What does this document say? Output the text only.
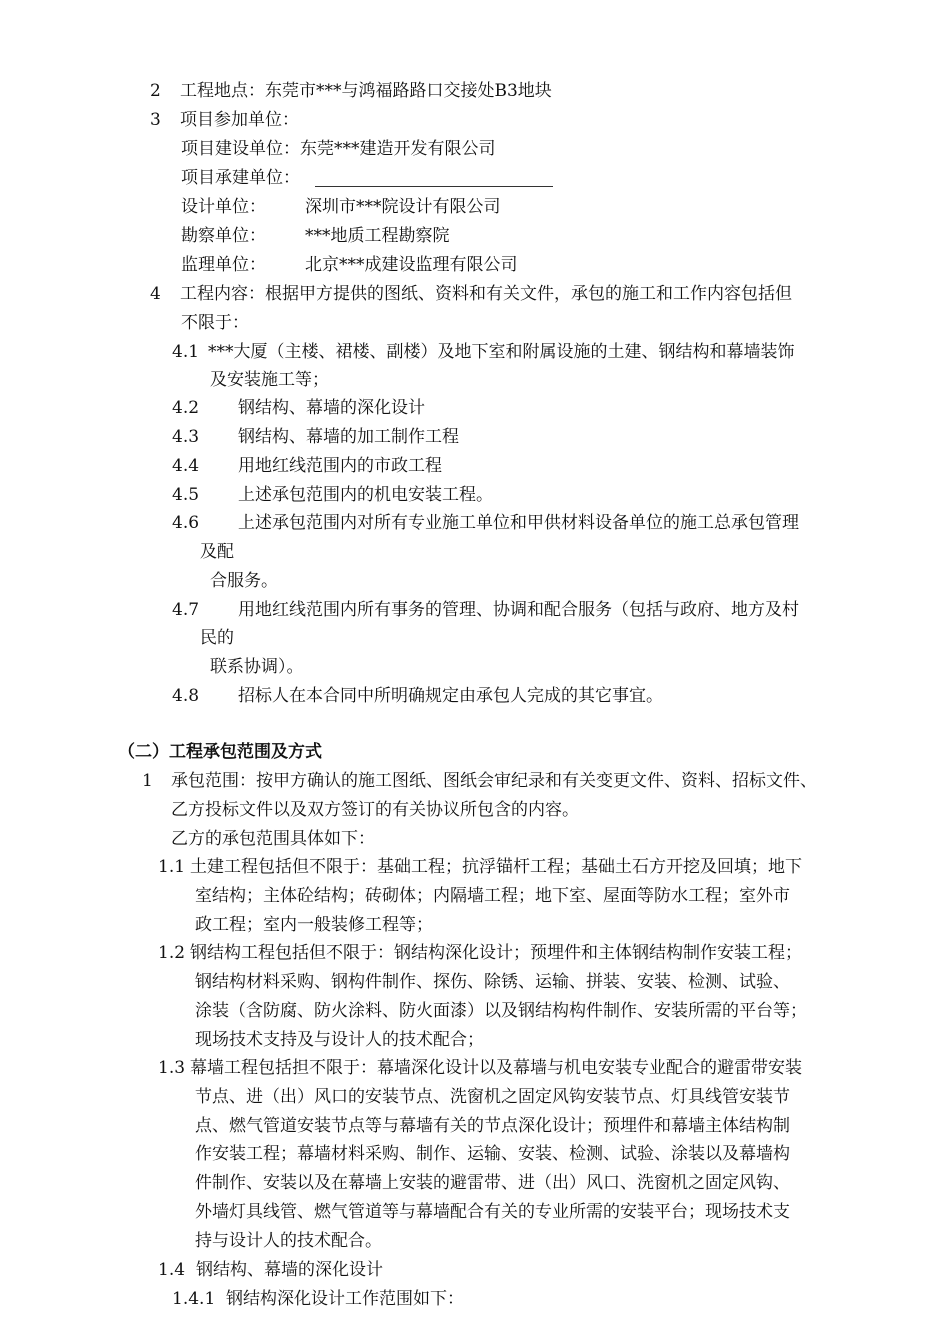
2 工程地点：东莞市***与鸿福路路口交接处B3地块
3 项目参加单位：
项目建设单位：东莞***建造开发有限公司
项目承建单位：
设计单位： 深圳市***院设计有限公司
勘察单位： ***地质工程勘察院
监理单位： 北京***成建设监理有限公司
4 工程内容：根据甲方提供的图纸、资料和有关文件，承包的施工和工作内容包括但
不限于：
4.1 ***大厦（主楼、裙楼、副楼）及地下室和附属设施的土建、钢结构和幕墙装饰
及安装施工等；
4.2 钢结构、幕墙的深化设计
4.3 钢结构、幕墙的加工制作工程
4.4 用地红线范围内的市政工程
4.5 上述承包范围内的机电安装工程。
4.6 上述承包范围内对所有专业施工单位和甲供材料设备单位的施工总承包管理
及配
合服务。
4.7 用地红线范围内所有事务的管理、协调和配合服务（包括与政府、地方及村
民的
联系协调）。
4.8 招标人在本合同中所明确规定由承包人完成的其它事宜。
（二）工程承包范围及方式
1 承包范围：按甲方确认的施工图纸、图纸会审纪录和有关变更文件、资料、招标文件、
乙方投标文件以及双方签订的有关协议所包含的内容。
乙方的承包范围具体如下：
1.1 土建工程包括但不限于：基础工程；抗浮锚杆工程；基础土石方开挖及回填；地下
室结构；主体砼结构；砖砌体；内隔墙工程；地下室、屋面等防水工程；室外市
政工程；室内一般装修工程等；
1.2 钢结构工程包括但不限于：钢结构深化设计；预埋件和主体钢结构制作安装工程；
钢结构材料采购、钢构件制作、探伤、除锈、运输、拼装、安装、检测、试验、
涂装（含防腐、防火涂料、防火面漆）以及钢结构构件制作、安装所需的平台等；
现场技术支持及与设计人的技术配合；
1.3 幕墙工程包括担不限于：幕墙深化设计以及幕墙与机电安装专业配合的避雷带安装
节点、进（出）风口的安装节点、洗窗机之固定风钩安装节点、灯具线管安装节
点、燃气管道安装节点等与幕墙有关的节点深化设计；预埋件和幕墙主体结构制
作安装工程；幕墙材料采购、制作、运输、安装、检测、试验、涂装以及幕墙构
件制作、安装以及在幕墙上安装的避雷带、进（出）风口、洗窗机之固定风钩、
外墙灯具线管、燃气管道等与幕墙配合有关的专业所需的安装平台；现场技术支
持与设计人的技术配合。
1.4 钢结构、幕墙的深化设计
1.4.1 钢结构深化设计工作范围如下：
